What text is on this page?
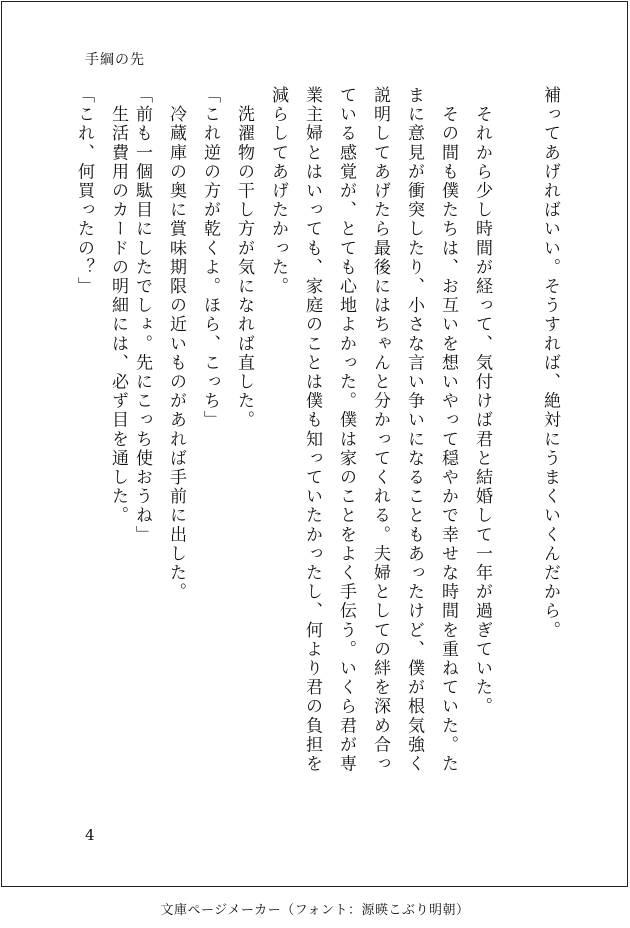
手綱の先
補ってあげればいい。そうすれば、絶対にうまくいくんだから。
　それから少し時間が経って、気付けば君と結婚して一年が過ぎていた。
　その間も僕たちは、お互いを想いやって穏やかで幸せな時間を重ねていた。た
まに意見が衝突したり、小さな言い争いになることもあったけど、僕が根気強く
説明してあげたら最後にはちゃんと分かってくれる。夫婦としての絆を深め合っ
ている感覚が、とても心地よかった。僕は家のことをよく手伝う。いくら君が専
業主婦とはいっても、家庭のことは僕も知っていたかったし、何より君の負担を
減らしてあげたかった。
　洗濯物の干し方が気になれば直した。
「これ逆の方が乾くよ。ほら、こっち」
　冷蔵庫の奥に賞味期限の近いものがあれば手前に出した。
「前も一個駄目にしたでしょ。先にこっち使おうね」
　生活費用のカードの明細には、必ず目を通した。
「これ、何買ったの？」
4
文庫ページメーカー（フォント：源暎こぶり明朝）
